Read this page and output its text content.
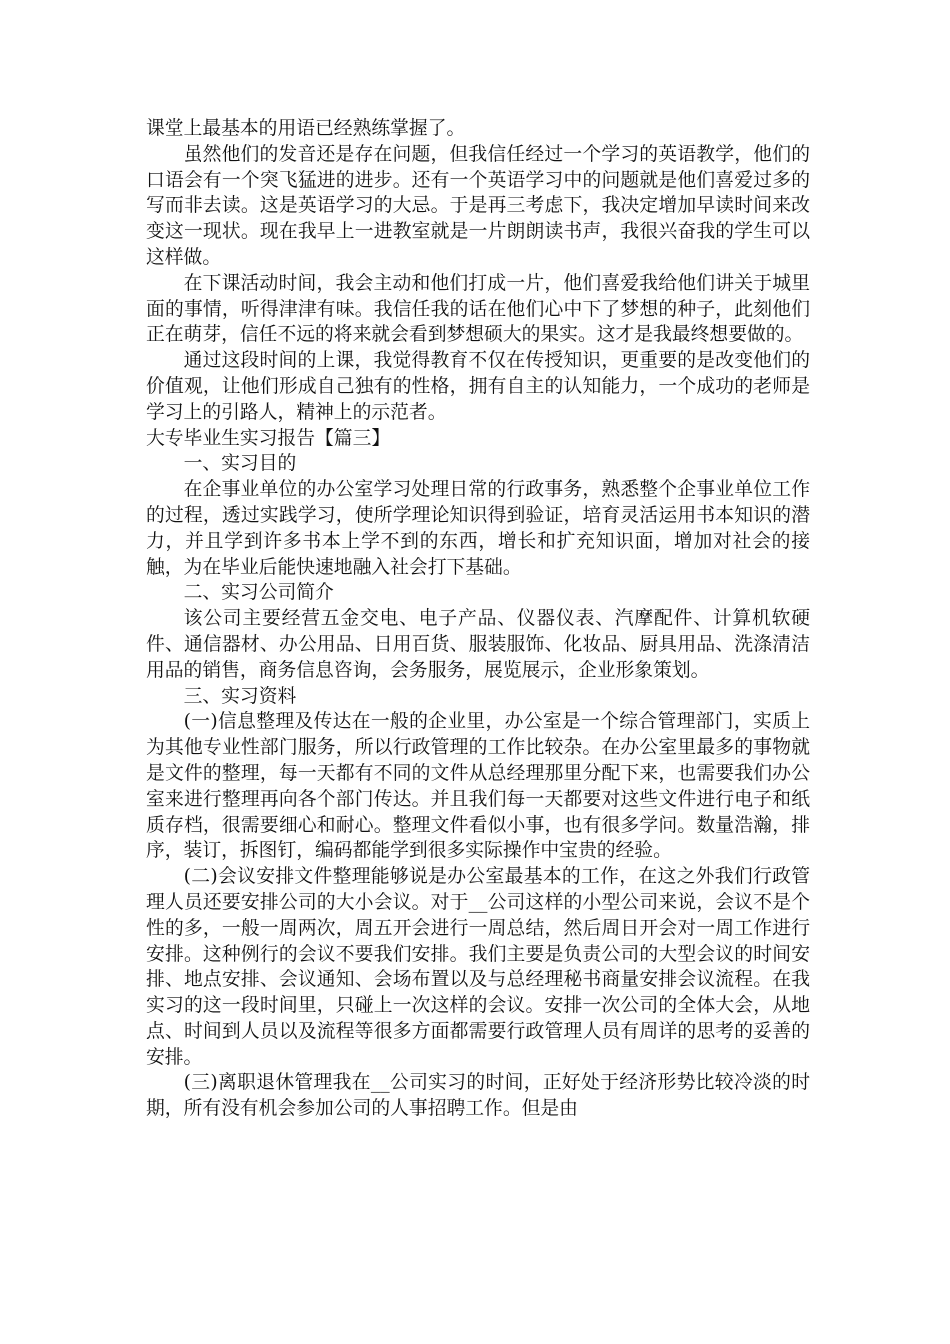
课堂上最基本的用语已经熟练掌握了。

虽然他们的发音还是存在问题，但我信任经过一个学习的英语教学，他们的口语会有一个突飞猛进的进步。还有一个英语学习中的问题就是他们喜爱过多的写而非去读。这是英语学习的大忌。于是再三考虑下，我决定增加早读时间来改变这一现状。现在我早上一进教室就是一片朗朗读书声，我很兴奋我的学生可以这样做。

在下课活动时间，我会主动和他们打成一片，他们喜爱我给他们讲关于城里面的事情，听得津津有味。我信任我的话在他们心中下了梦想的种子，此刻他们正在萌芽，信任不远的将来就会看到梦想硕大的果实。这才是我最终想要做的。

通过这段时间的上课，我觉得教育不仅在传授知识，更重要的是改变他们的价值观，让他们形成自己独有的性格，拥有自主的认知能力，一个成功的老师是学习上的引路人，精神上的示范者。

大专毕业生实习报告【篇三】

一、实习目的

在企事业单位的办公室学习处理日常的行政事务，熟悉整个企事业单位工作的过程，透过实践学习，使所学理论知识得到验证，培育灵活运用书本知识的潜力，并且学到许多书本上学不到的东西，增长和扩充知识面，增加对社会的接触，为在毕业后能快速地融入社会打下基础。

二、实习公司简介

该公司主要经营五金交电、电子产品、仪器仪表、汽摩配件、计算机软硬件、通信器材、办公用品、日用百货、服装服饰、化妆品、厨具用品、洗涤清洁用品的销售，商务信息咨询，会务服务，展览展示，企业形象策划。

三、实习资料

(一)信息整理及传达在一般的企业里，办公室是一个综合管理部门，实质上为其他专业性部门服务，所以行政管理的工作比较杂。在办公室里最多的事物就是文件的整理，每一天都有不同的文件从总经理那里分配下来，也需要我们办公室来进行整理再向各个部门传达。并且我们每一天都要对这些文件进行电子和纸质存档，很需要细心和耐心。整理文件看似小事，也有很多学问。数量浩瀚，排序，装订，拆图钉，编码都能学到很多实际操作中宝贵的经验。

(二)会议安排文件整理能够说是办公室最基本的工作，在这之外我们行政管理人员还要安排公司的大小会议。对于__公司这样的小型公司来说，会议不是个性的多，一般一周两次，周五开会进行一周总结，然后周日开会对一周工作进行安排。这种例行的会议不要我们安排。我们主要是负责公司的大型会议的时间安排、地点安排、会议通知、会场布置以及与总经理秘书商量安排会议流程。在我实习的这一段时间里，只碰上一次这样的会议。安排一次公司的全体大会，从地点、时间到人员以及流程等很多方面都需要行政管理人员有周详的思考的妥善的安排。

(三)离职退休管理我在__公司实习的时间，正好处于经济形势比较冷淡的时期，所有没有机会参加公司的人事招聘工作。但是由
